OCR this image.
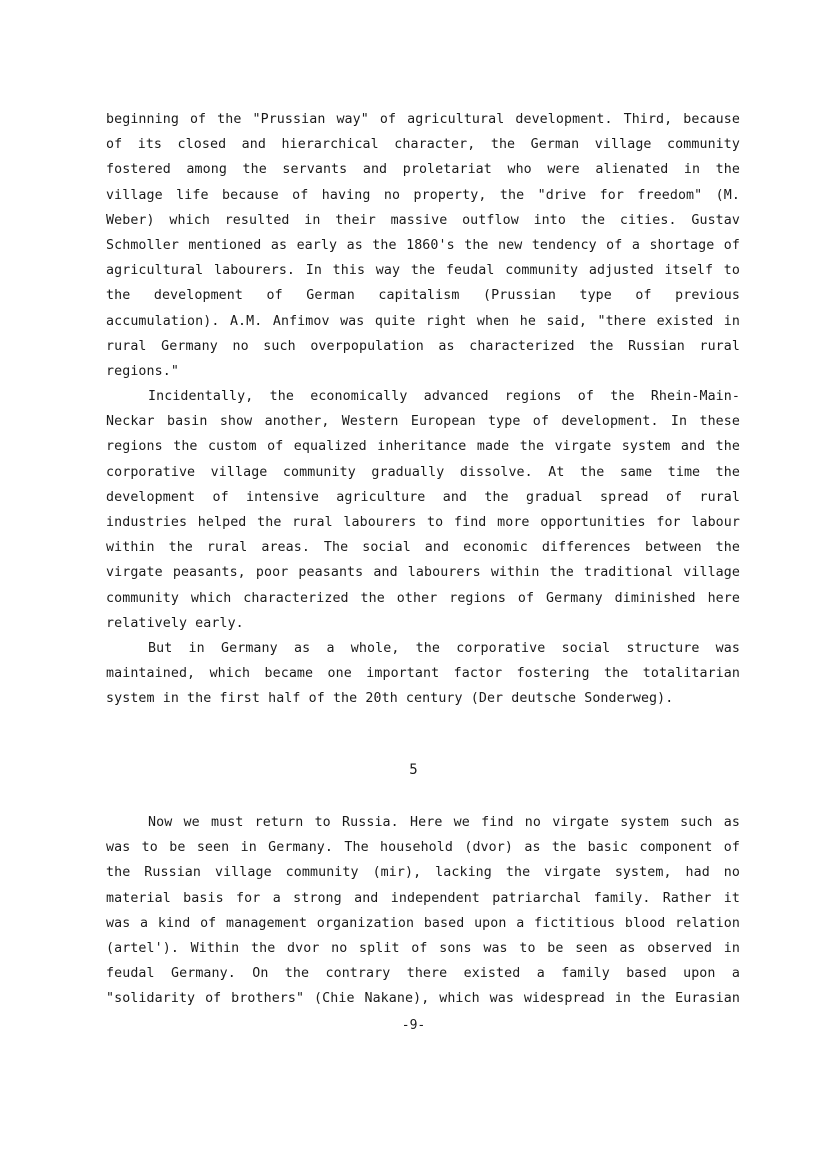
beginning of the "Prussian way" of agricultural development. Third, because
of its closed and hierarchical character, the German village community
fostered among the servants and proletariat who were alienated in the
village life because of having no property, the "drive for freedom" (M.
Weber) which resulted in their massive outflow into the cities. Gustav
Schmoller mentioned as early as the 1860's the new tendency of a shortage of
agricultural labourers. In this way the feudal community adjusted itself to
the development of German capitalism (Prussian type of previous
accumulation). A.M. Anfimov was quite right when he said, "there existed in
rural Germany no such overpopulation as characterized the Russian rural
regions."
Incidentally, the economically advanced regions of the Rhein-Main-
Neckar basin show another, Western European type of development. In these
regions the custom of equalized inheritance made the virgate system and the
corporative village community gradually dissolve. At the same time the
development of intensive agriculture and the gradual spread of rural
industries helped the rural labourers to find more opportunities for labour
within the rural areas. The social and economic differences between the
virgate peasants, poor peasants and labourers within the traditional village
community which characterized the other regions of Germany diminished here
relatively early.
But in Germany as a whole, the corporative social structure was
maintained, which became one important factor fostering the totalitarian
system in the first half of the 20th century (Der deutsche Sonderweg).
5
Now we must return to Russia. Here we find no virgate system such as
was to be seen in Germany. The household (dvor) as the basic component of
the Russian village community (mir), lacking the virgate system, had no
material basis for a strong and independent patriarchal family. Rather it
was a kind of management organization based upon a fictitious blood relation
(artel'). Within the dvor no split of sons was to be seen as observed in
feudal Germany. On the contrary there existed a family based upon a
"solidarity of brothers" (Chie Nakane), which was widespread in the Eurasian
-9-
